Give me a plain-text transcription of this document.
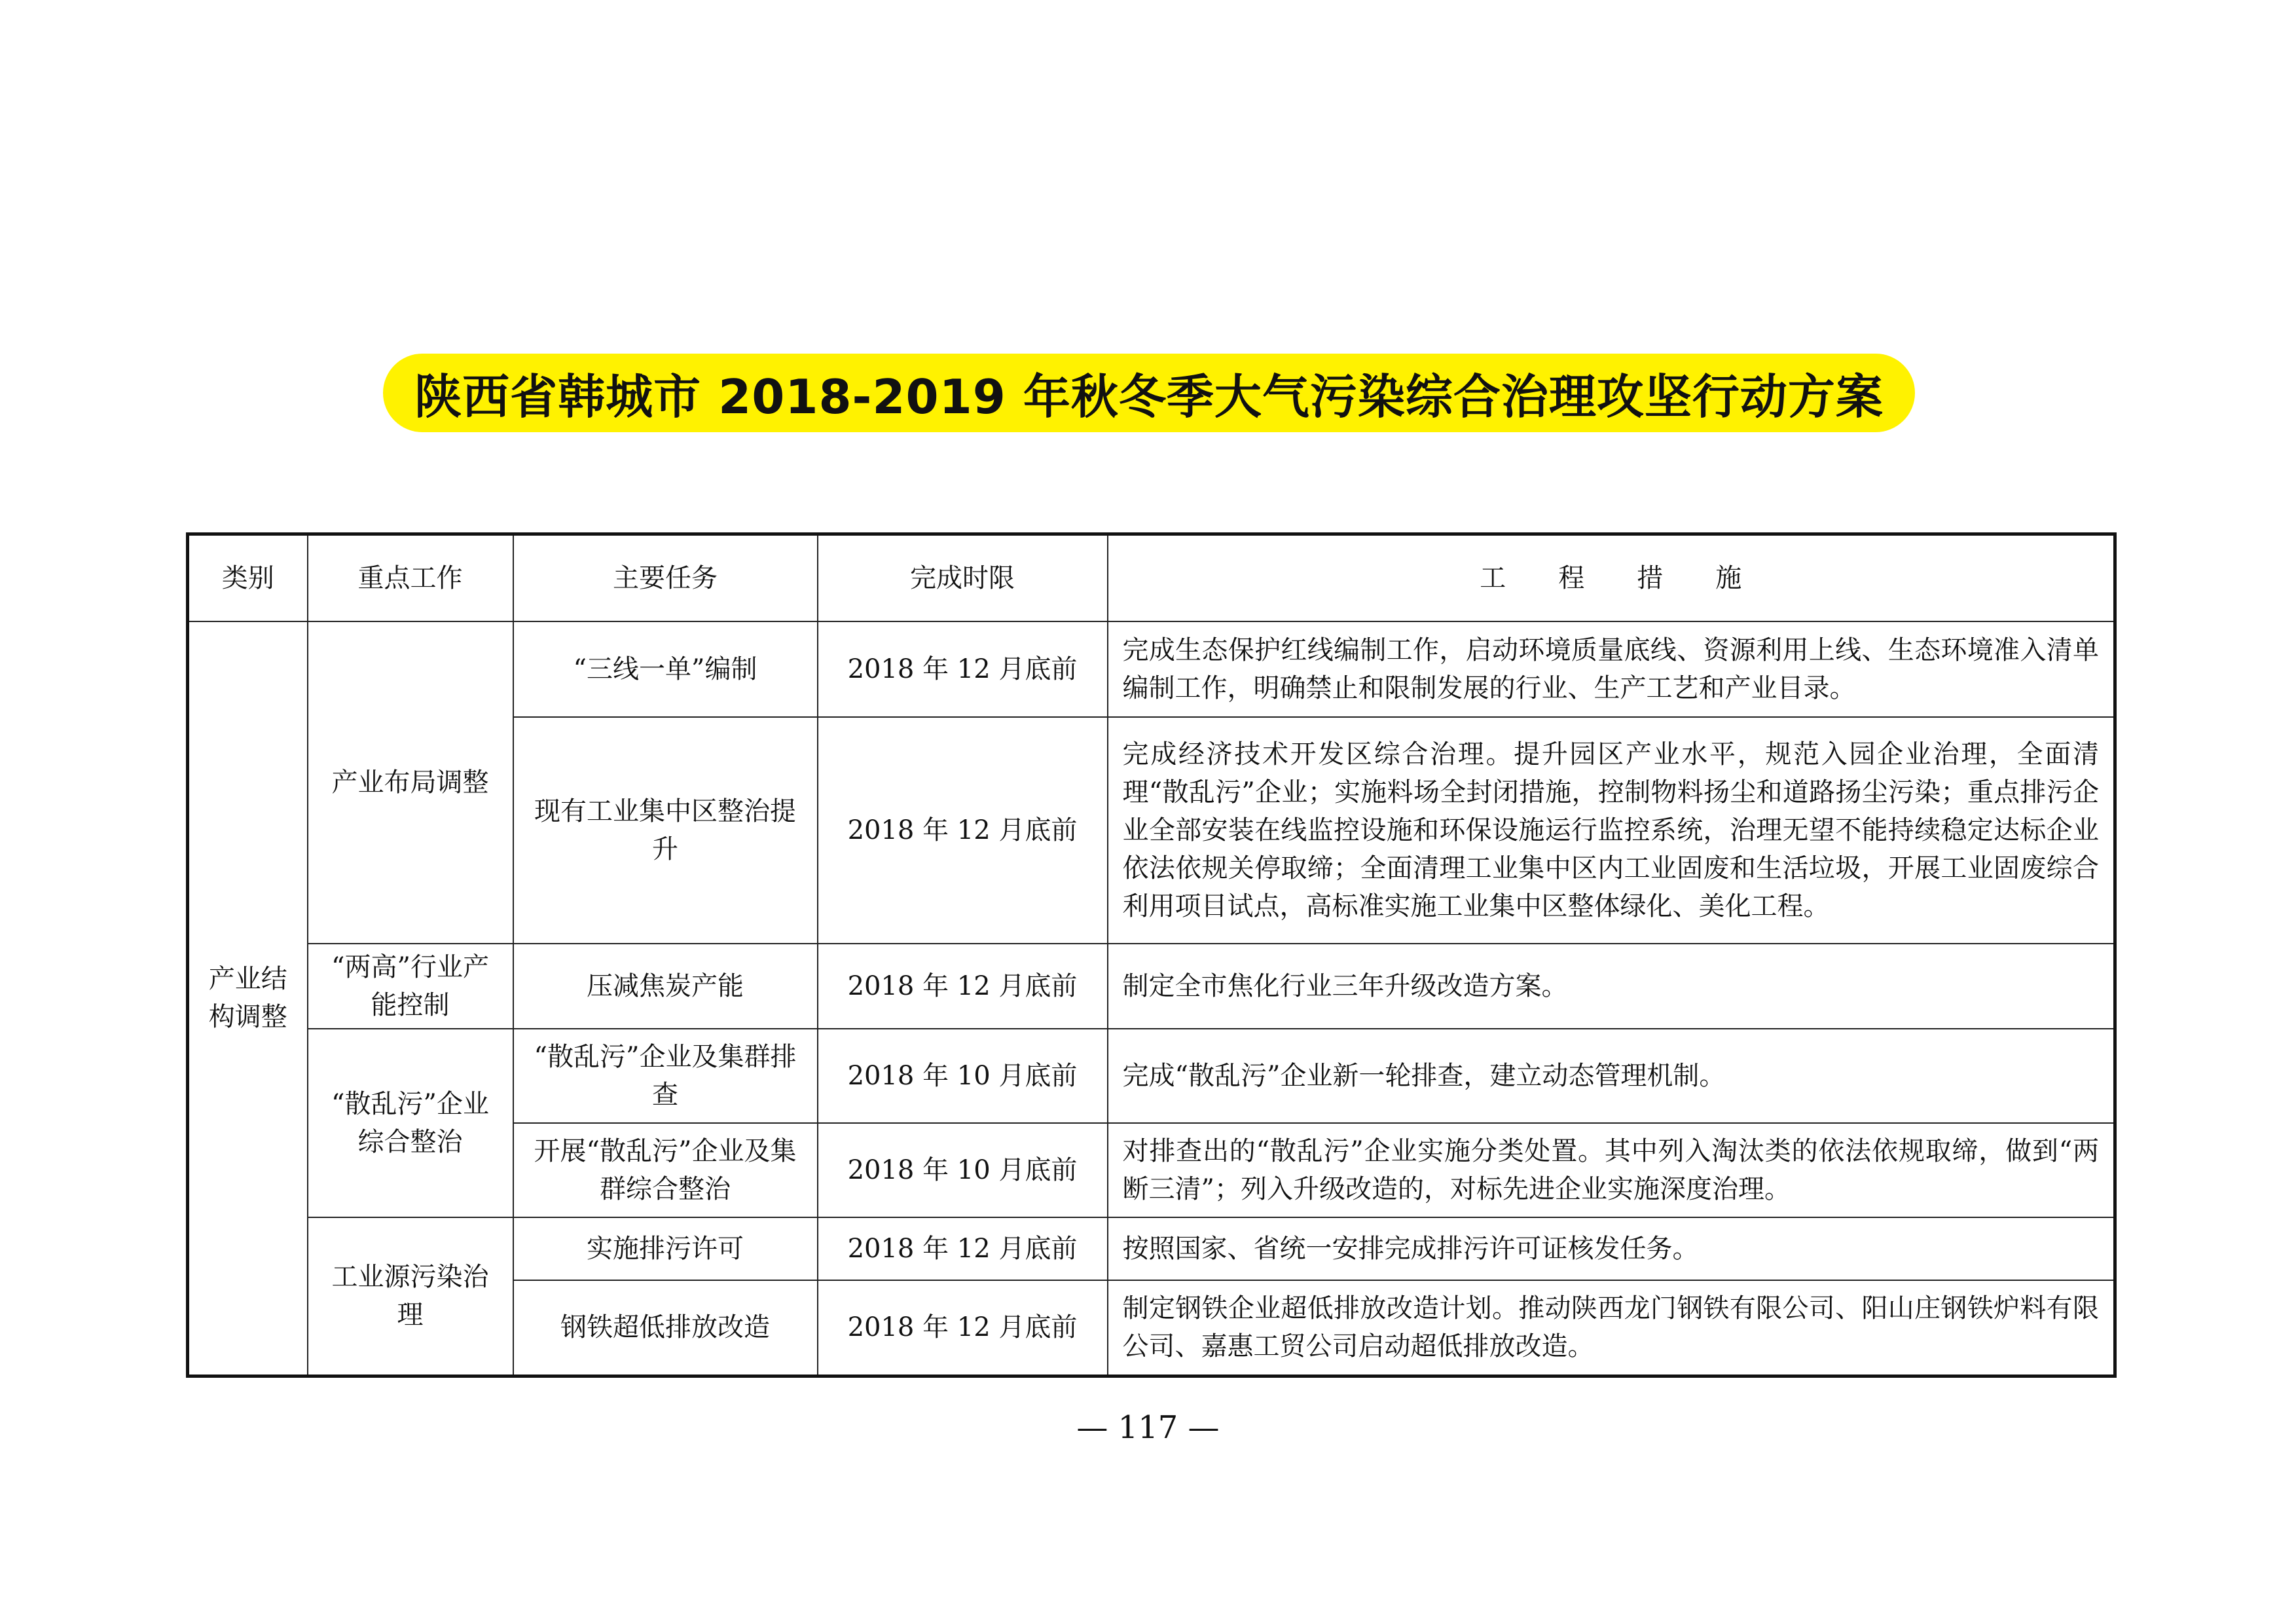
陕西省韩城市 2018-2019 年秋冬季大气污染综合治理攻坚行动方案
类别	重点工作	主要任务	完成时限	工　　程　　措　　施
产业结构调整	产业布局调整	“三线一单”编制	2018 年 12 月底前	完成生态保护红线编制工作，启动环境质量底线、资源利用上线、生态环境准入清单编制工作，明确禁止和限制发展的行业、生产工艺和产业目录。
		现有工业集中区整治提升	2018 年 12 月底前	完成经济技术开发区综合治理。提升园区产业水平，规范入园企业治理，全面清理“散乱污”企业；实施料场全封闭措施，控制物料扬尘和道路扬尘污染；重点排污企业全部安装在线监控设施和环保设施运行监控系统，治理无望不能持续稳定达标企业依法依规关停取缔；全面清理工业集中区内工业固废和生活垃圾，开展工业固废综合利用项目试点，高标准实施工业集中区整体绿化、美化工程。
	“两高”行业产能控制	压减焦炭产能	2018 年 12 月底前	制定全市焦化行业三年升级改造方案。
	“散乱污”企业综合整治	“散乱污”企业及集群排查	2018 年 10 月底前	完成“散乱污”企业新一轮排查，建立动态管理机制。
		开展“散乱污”企业及集群综合整治	2018 年 10 月底前	对排查出的“散乱污”企业实施分类处置。其中列入淘汰类的依法依规取缔，做到“两断三清”；列入升级改造的，对标先进企业实施深度治理。
	工业源污染治理	实施排污许可	2018 年 12 月底前	按照国家、省统一安排完成排污许可证核发任务。
		钢铁超低排放改造	2018 年 12 月底前	制定钢铁企业超低排放改造计划。推动陕西龙门钢铁有限公司、阳山庄钢铁炉料有限公司、嘉惠工贸公司启动超低排放改造。
— 117 —
